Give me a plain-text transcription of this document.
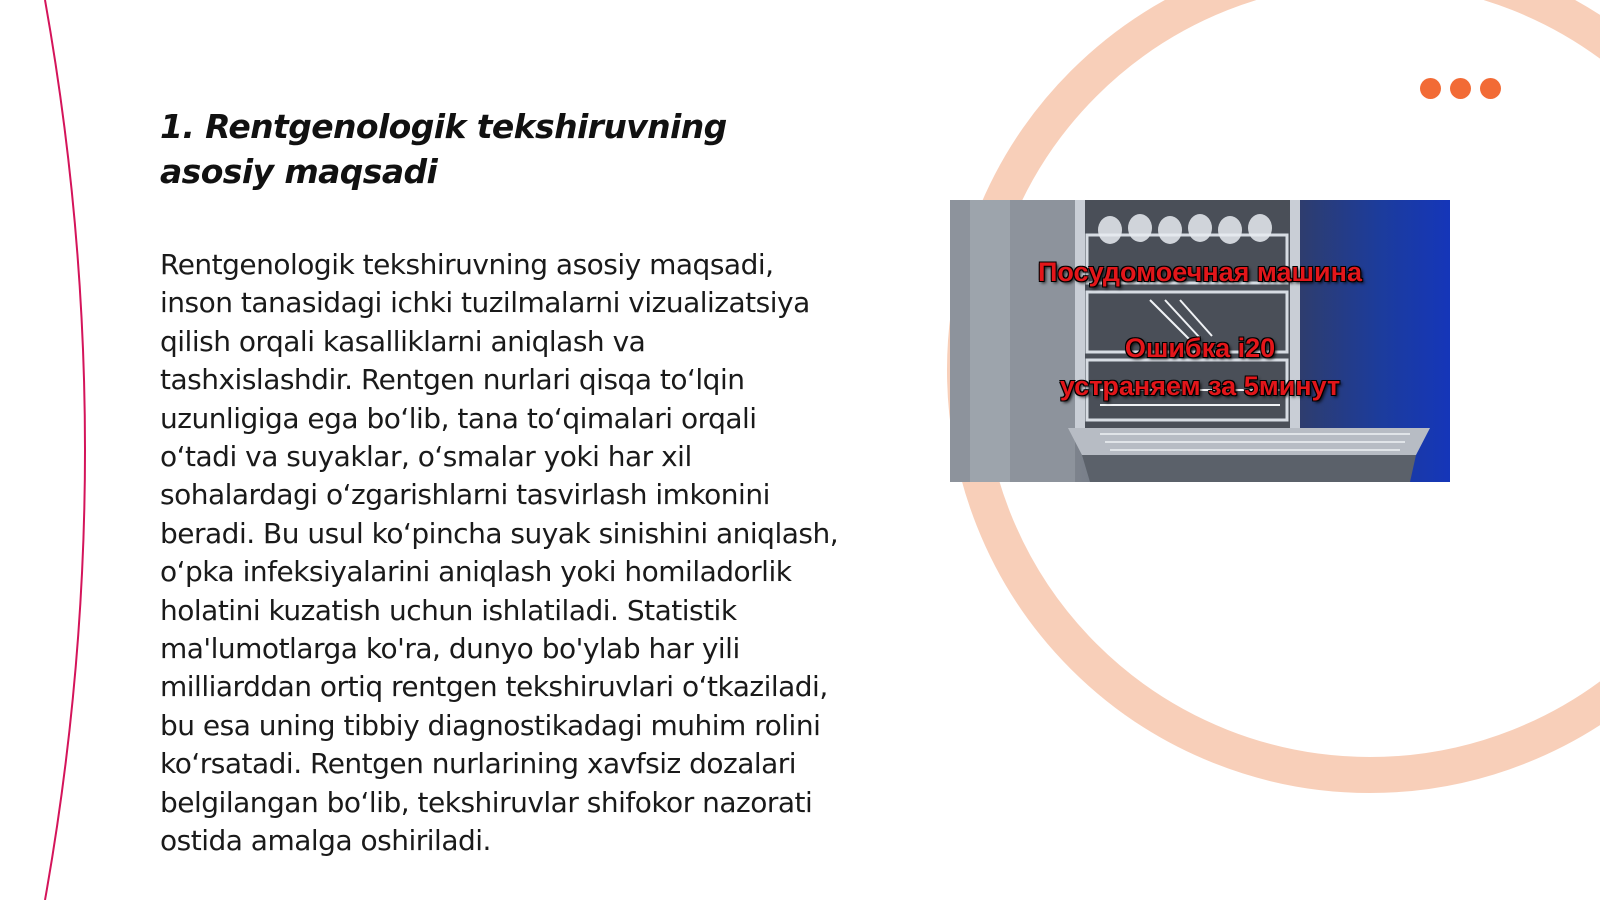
1. Rentgenologik tekshiruvning asosiy maqsadi

Rentgenologik tekshiruvning asosiy maqsadi, inson tanasidagi ichki tuzilmalarni vizualizatsiya qilish orqali kasalliklarni aniqlash va tashxislashdir. Rentgen nurlari qisqa to‘lqin uzunligiga ega bo‘lib, tana to‘qimalari orqali o‘tadi va suyaklar, o‘smalar yoki har xil sohalardagi o‘zgarishlarni tasvirlash imkonini beradi. Bu usul ko‘pincha suyak sinishini aniqlash, o‘pka infeksiyalarini aniqlash yoki homiladorlik holatini kuzatish uchun ishlatiladi. Statistik ma'lumotlarga ko'ra, dunyo bo'ylab har yili milliarddan ortiq rentgen tekshiruvlari o‘tkaziladi, bu esa uning tibbiy diagnostikadagi muhim rolini ko‘rsatadi. Rentgen nurlarining xavfsiz dozalari belgilangan bo‘lib, tekshiruvlar shifokor nazorati ostida amalga oshiriladi.

Посудомоечная машина

Ошибка i20

устраняем за 5минут
